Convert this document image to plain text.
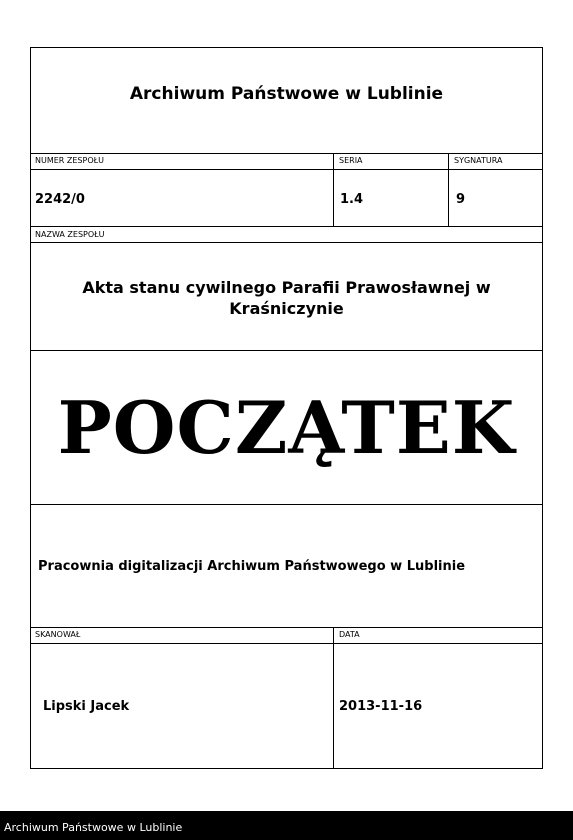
Archiwum Państwowe w Lublinie
NUMER ZESPOŁU	SERIA	SYGNATURA
2242/0	1.4	9
NAZWA ZESPOŁU
Akta stanu cywilnego Parafii Prawosławnej w Kraśniczynie
POCZĄTEK
Pracownia digitalizacji Archiwum Państwowego w Lublinie
SKANOWAŁ	DATA
Lipski Jacek	2013-11-16
Archiwum Państwowe w Lublinie
